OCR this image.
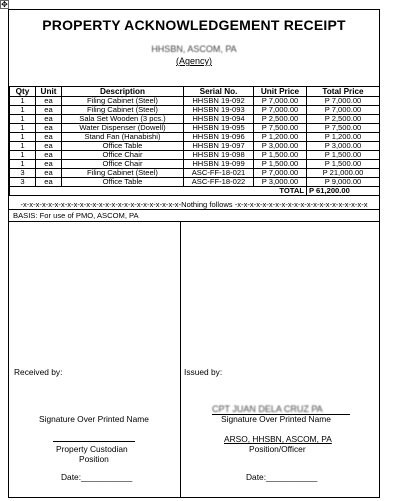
✥
PROPERTY ACKNOWLEDGEMENT RECEIPT
HHSBN, ASCOM, PA
(Agency)
Qty	Unit	Description	Serial No.	Unit Price	Total Price
1	ea	Filing Cabinet (Steel)	HHSBN 19-092	P 7,000.00	P 7,000.00
1	ea	Filing Cabinet (Steel)	HHSBN 19-093	P 7,000.00	P 7,000.00
1	ea	Sala Set Wooden (3 pcs.)	HHSBN 19-094	P 2,500.00	P 2,500.00
1	ea	Water Dispenser (Dowell)	HHSBN 19-095	P 7,500.00	P 7,500.00
1	ea	Stand Fan (Hanabishi)	HHSBN 19-096	P 1,200.00	P 1,200.00
1	ea	Office Table	HHSBN 19-097	P 3,000.00	P 3,000.00
1	ea	Office Chair	HHSBN 19-098	P 1,500.00	P 1,500.00
1	ea	Office Chair	HHSBN 19-099	P 1,500.00	P 1,500.00
3	ea	Filing Cabinet (Steel)	ASC-FF-18-021	P 7,000.00	P 21,000.00
3	ea	Office Table	ASC-FF-18-022	P 3,000.00	P 9,000.00
TOTAL					P 61,200.00
-x-x-x-x-x-x-x-x-x-x-x-x-x-x-x-x-x-x-x-x-x-x-x-x-x-Nothing follows -x-x-x-x-x-x-x-x-x-x-x-x-x-x-x-x-x-x-x-x-x
BASIS: For use of PMO, ASCOM, PA
Received by:
Signature Over Printed Name
Property Custodian
Position
Date:___________
Issued by:
CPT JUAN DELA CRUZ PA
Signature Over Printed Name
ARSO, HHSBN, ASCOM, PA
Position/Officer
Date:___________
